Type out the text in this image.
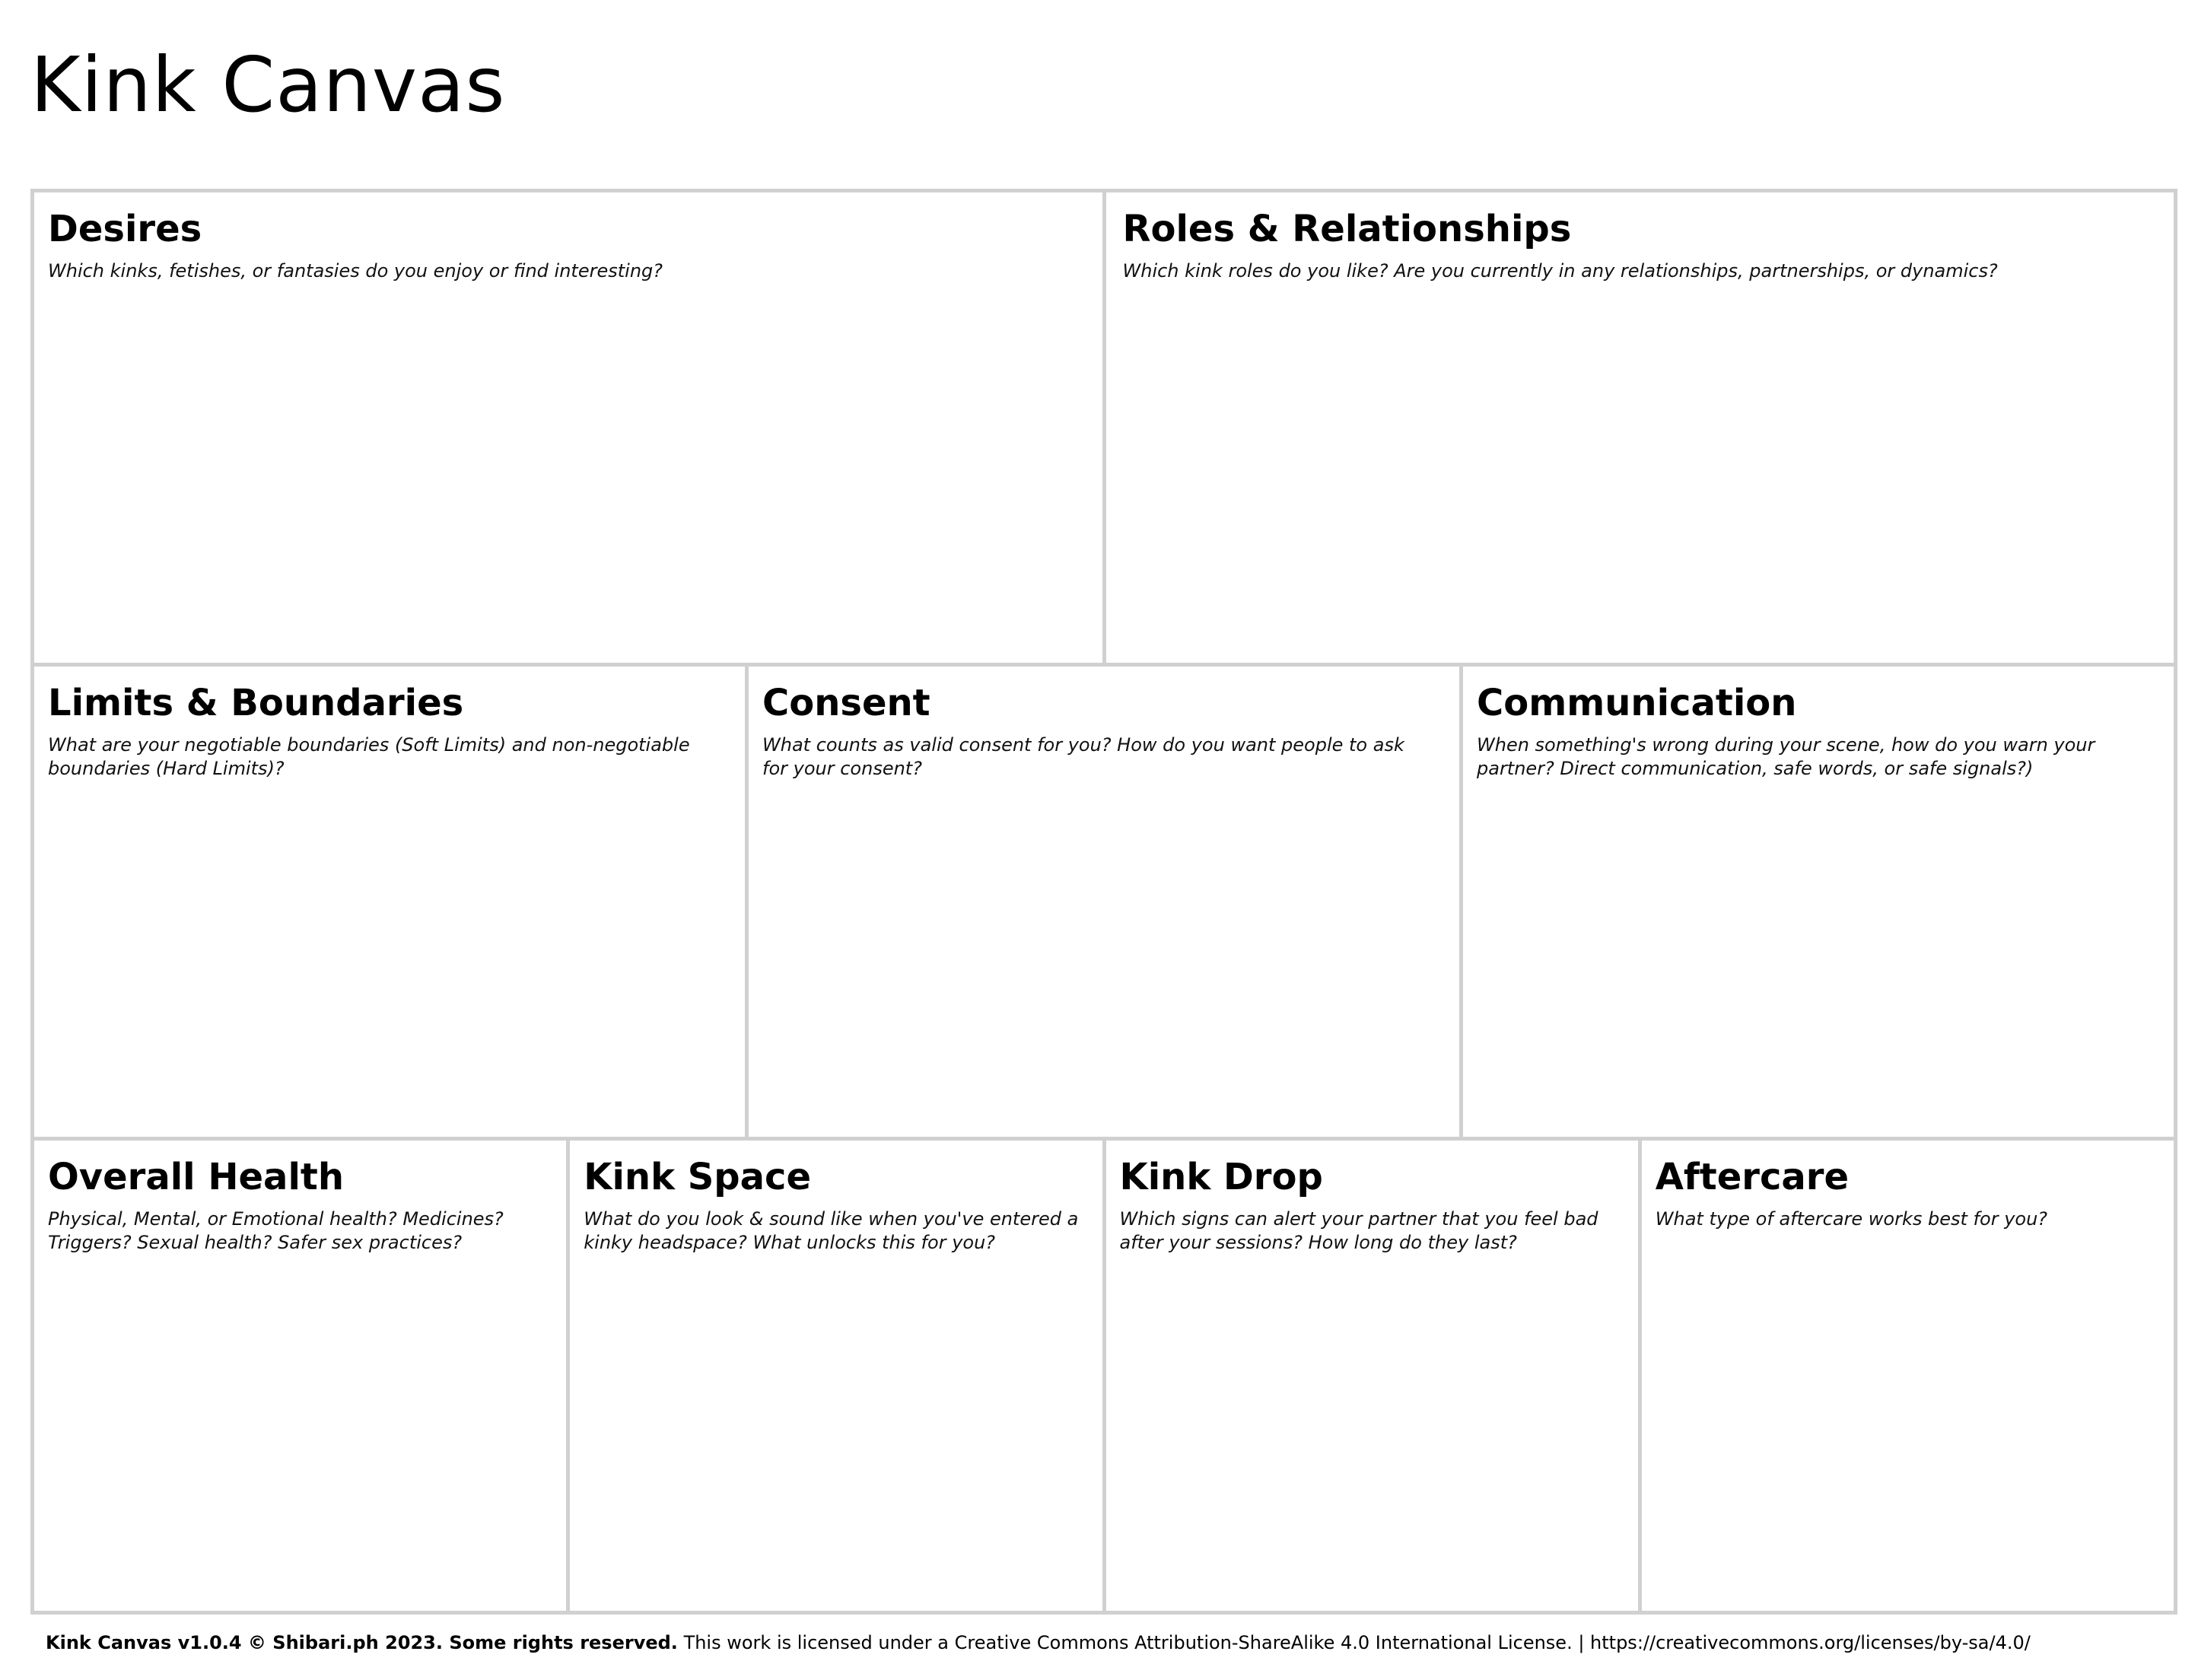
Kink Canvas
Desires

Which kinks, fetishes, or fantasies do you enjoy or find interesting?

Roles & Relationships

Which kink roles do you like? Are you currently in any relationships, partnerships, or dynamics?

Limits & Boundaries

What are your negotiable boundaries (Soft Limits) and non-negotiable boundaries (Hard Limits)?

Consent

What counts as valid consent for you? How do you want people to ask for your consent?

Communication

When something's wrong during your scene, how do you warn your partner? Direct communication, safe words, or safe signals?)

Overall Health

Physical, Mental, or Emotional health? Medicines? Triggers? Sexual health? Safer sex practices?

Kink Space

What do you look & sound like when you've entered a kinky headspace? What unlocks this for you?

Kink Drop

Which signs can alert your partner that you feel bad after your sessions? How long do they last?

Aftercare

What type of aftercare works best for you?

Kink Canvas v1.0.4 © Shibari.ph 2023. Some rights reserved. This work is licensed under a Creative Commons Attribution-ShareAlike 4.0 International License. | https://creativecommons.org/licenses/by-sa/4.0/
